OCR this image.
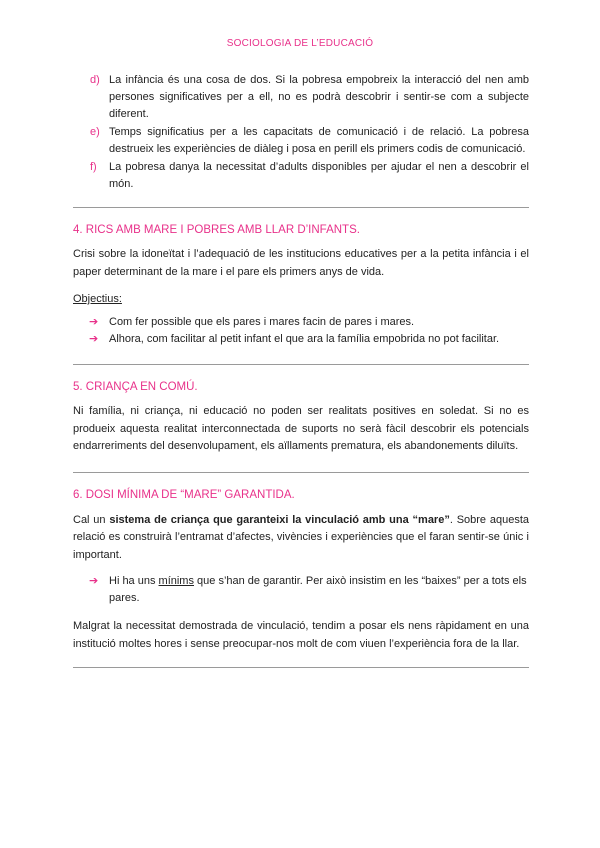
SOCIOLOGIA DE L’EDUCACIÓ
d) La infància és una cosa de dos. Si la pobresa empobreix la interacció del nen amb persones significatives per a ell, no es podrà descobrir i sentir-se com a subjecte diferent.
e) Temps significatius per a les capacitats de comunicació i de relació. La pobresa destrueix les experiències de diàleg i posa en perill els primers codis de comunicació.
f) La pobresa danya la necessitat d’adults disponibles per ajudar el nen a descobrir el món.
4. RICS AMB MARE I POBRES AMB LLAR D’INFANTS.

Crisi sobre la idoneïtat i l’adequació de les institucions educatives per a la petita infància i el paper determinant de la mare i el pare els primers anys de vida.

Objectius:

➔ Com fer possible que els pares i mares facin de pares i mares.
➔ Alhora, com facilitar al petit infant el que ara la família empobrida no pot facilitar.
5. CRIANÇA EN COMÚ.

Ni família, ni criança, ni educació no poden ser realitats positives en soledat. Si no es produeix aquesta realitat interconnectada de suports no serà fàcil descobrir els potencials endarreriments del desenvolupament, els aïllaments prematura, els abandonements diluïts.

6. DOSI MÍNIMA DE “MARE” GARANTIDA.

Cal un sistema de criança que garanteixi la vinculació amb una “mare”. Sobre aquesta relació es construirà l’entramat d’afectes, vivències i experiències que el faran sentir-se únic i important.

➔ Hi ha uns mínims que s’han de garantir. Per això insistim en les “baixes” per a tots els pares.

Malgrat la necessitat demostrada de vinculació, tendim a posar els nens ràpidament en una institució moltes hores i sense preocupar-nos molt de com viuen l’experiència fora de la llar.
